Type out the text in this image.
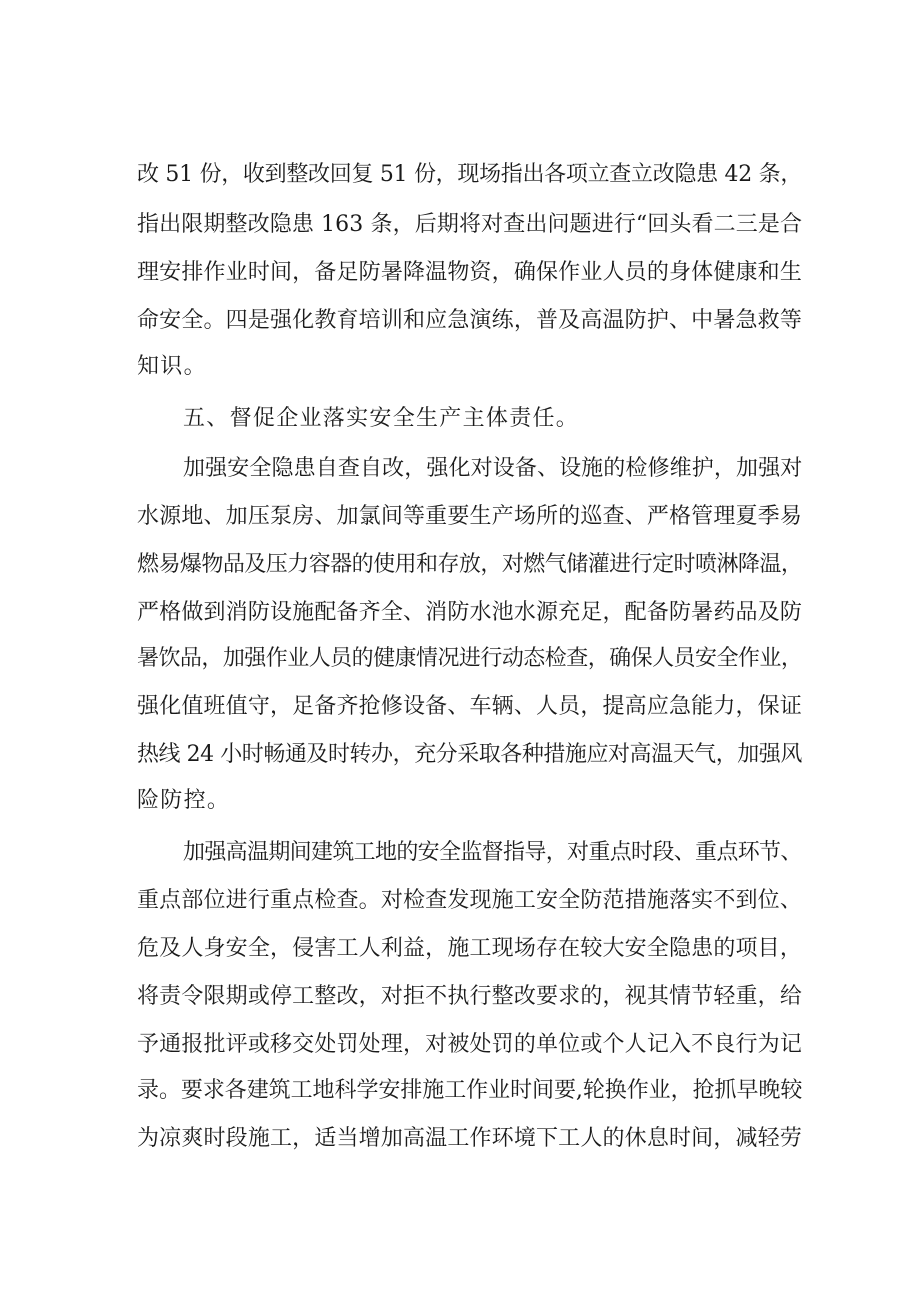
改 51 份，收到整改回复 51 份，现场指出各项立查立改隐患 42 条，
指出限期整改隐患 163 条，后期将对查出问题进行“回头看二三是合
理安排作业时间，备足防暑降温物资，确保作业人员的身体健康和生
命安全。四是强化教育培训和应急演练，普及高温防护、中暑急救等
知识。
五、督促企业落实安全生产主体责任。
加强安全隐患自查自改，强化对设备、设施的检修维护，加强对
水源地、加压泵房、加氯间等重要生产场所的巡查、严格管理夏季易
燃易爆物品及压力容器的使用和存放，对燃气储灌进行定时喷淋降温，
严格做到消防设施配备齐全、消防水池水源充足，配备防暑药品及防
暑饮品，加强作业人员的健康情况进行动态检查，确保人员安全作业，
强化值班值守，足备齐抢修设备、车辆、人员，提高应急能力，保证
热线 24 小时畅通及时转办，充分采取各种措施应对高温天气，加强风
险防控。
加强高温期间建筑工地的安全监督指导，对重点时段、重点环节、
重点部位进行重点检查。对检查发现施工安全防范措施落实不到位、
危及人身安全，侵害工人利益，施工现场存在较大安全隐患的项目，
将责令限期或停工整改，对拒不执行整改要求的，视其情节轻重，给
予通报批评或移交处罚处理，对被处罚的单位或个人记入不良行为记
录。要求各建筑工地科学安排施工作业时间要,轮换作业，抢抓早晚较
为凉爽时段施工，适当增加高温工作环境下工人的休息时间，减轻劳
